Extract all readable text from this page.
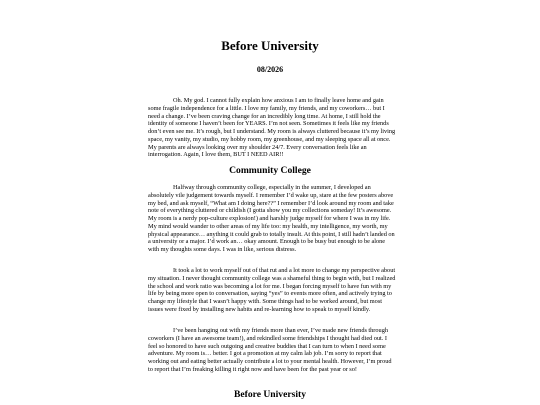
Before University
08/2026

Oh. My god. I cannot fully explain how anxious I am to finally leave home and gain some fragile independence for a little. I love my family, my friends, and my coworkers… but I need a change. I’ve been craving change for an incredibly long time. At home, I still hold the identity of someone I haven’t been for YEARS. I’m not seen. Sometimes it feels like my friends don’t even see me. It’s rough, but I understand. My room is always cluttered because it’s my living space, my vanity, my studio, my hobby room, my greenhouse, and my sleeping space all at once. My parents are always looking over my shoulder 24/7. Every conversation feels like an interrogation. Again, I love them, BUT I NEED AIR!!

Community College

Halfway through community college, especially in the summer, I developed an absolutely vile judgement towards myself. I remember I’d wake up, stare at the few posters above my bed, and ask myself, “What am I doing here??” I remember I’d look around my room and take note of everything cluttered or childish (I gotta show you my collections someday! It’s awesome. My room is a nerdy pop-culture explosion!) and harshly judge myself for where I was in my life. My mind would wander to other areas of my life too: my health, my intelligence, my worth, my physical appearance… anything it could grab to totally insult. At this point, I still hadn’t landed on a university or a major. I’d work an… okay amount. Enough to be busy but enough to be alone with my thoughts some days. I was in like, serious distress.

It took a lot to work myself out of that rut and a lot more to change my perspective about my situation. I never thought community college was a shameful thing to begin with, but I realized the school and work ratio was becoming a lot for me. I began forcing myself to have fun with my life by being more open to conversation, saying “yes” to events more often, and actively trying to change my lifestyle that I wasn’t happy with. Some things had to be worked around, but most issues were fixed by installing new habits and re-learning how to speak to myself kindly.

I’ve been hanging out with my friends more than ever, I’ve made new friends through coworkers (I have an awesome team!), and rekindled some friendships I thought had died out. I feel so honored to have such outgoing and creative buddies that I can turn to when I need some adventure. My room is… better. I got a promotion at my calm lab job. I’m sorry to report that working out and eating better actually contribute a lot to your mental health. However, I’m proud to report that I’m freaking killing it right now and have been for the past year or so!

Before University
